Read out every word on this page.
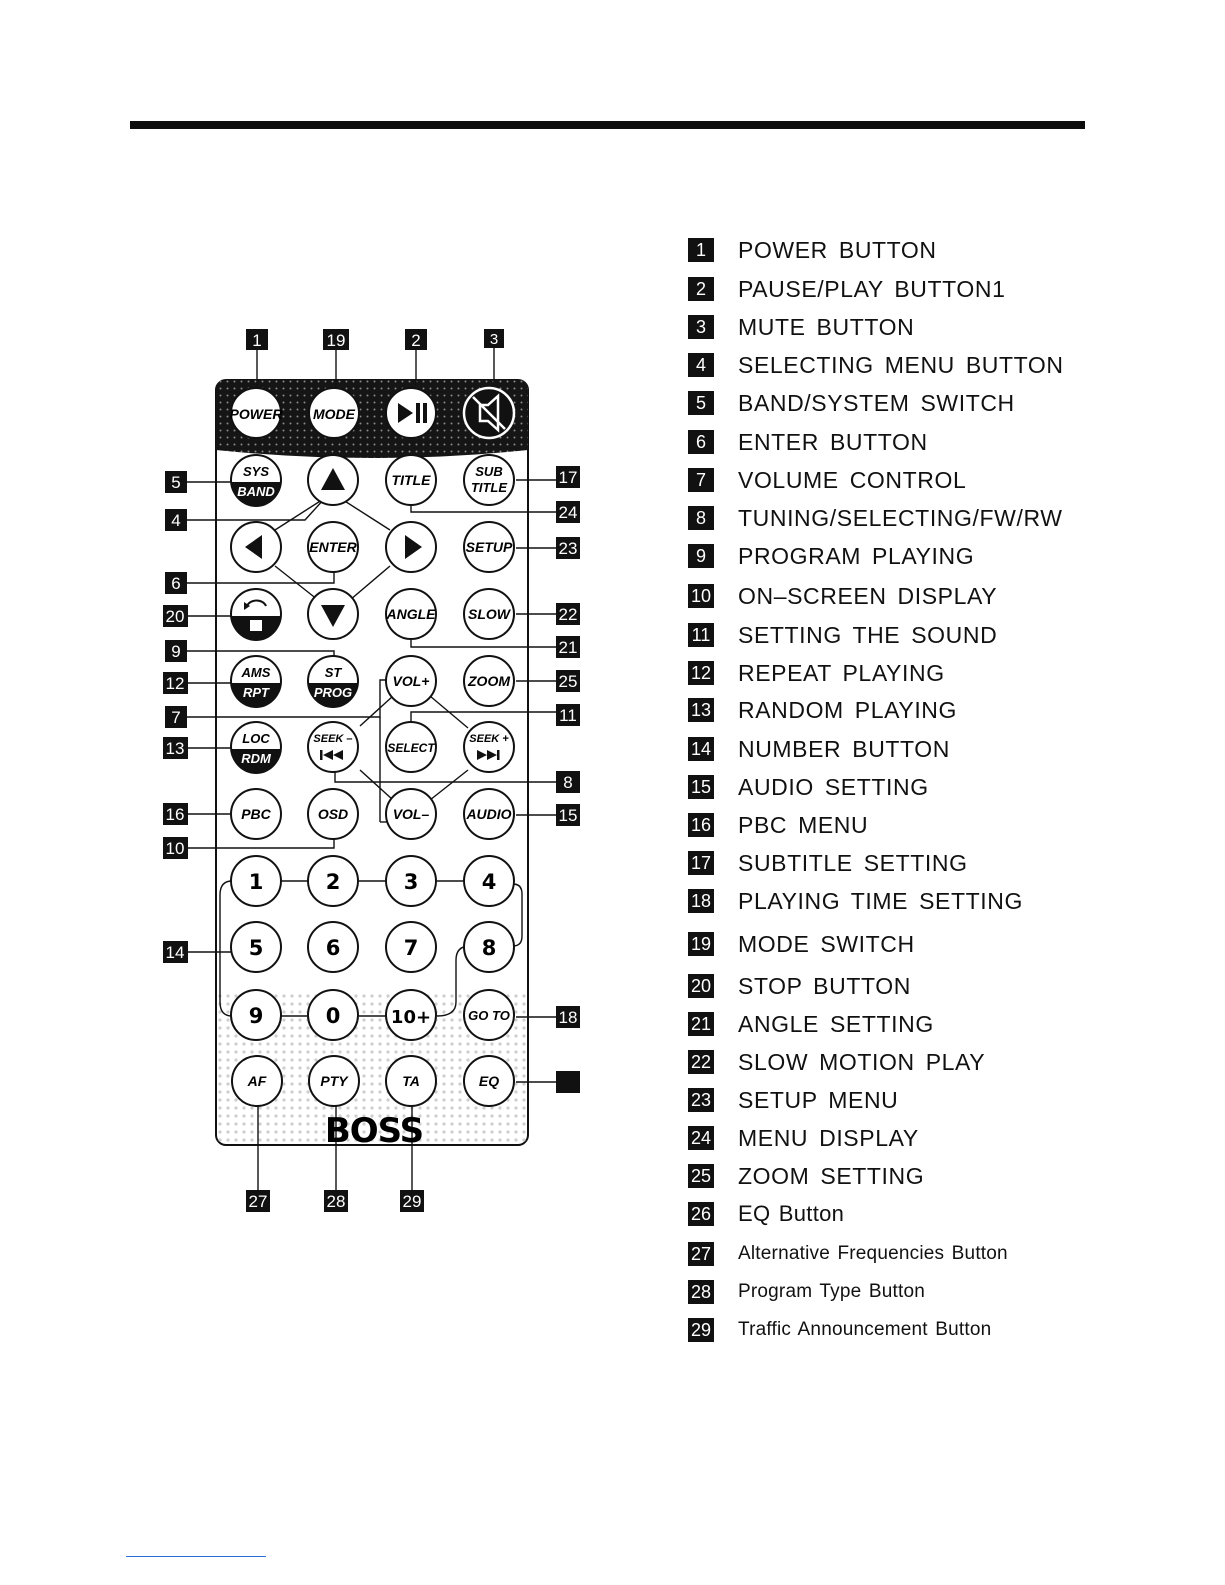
1	19	2	3
5
4
6
20
9
12
7
13
16
10
14
17
24
23
22
21
25
11
8
15
18
27	28	29
POWER MODE
SYS
BAND
TITLE
SUB
TITLE
ENTER	SETUP
ANGLE SLOW
AMS
RPT
ST
PROG
VOL+	ZOOM
LOC
RDM
SEEK –
SELECT
SEEK +
PBC	OSD	VOL–	AUDIO
1	2	3	4
5	6	7	8
9	0	10+	GO TO
AF	PTY	TA	EQ
BOSS
1	POWER BUTTON
2	PAUSE/PLAY BUTTON1
3	MUTE BUTTON
4	SELECTING MENU BUTTON
5	BAND/SYSTEM SWITCH
6	ENTER BUTTON
7	VOLUME CONTROL
8	TUNING/SELECTING/FW/RW
9	PROGRAM PLAYING
10 ON–SCREEN DISPLAY
11 SETTING THE SOUND
12 REPEAT PLAYING
13 RANDOM PLAYING
14 NUMBER BUTTON
15 AUDIO SETTING
16 PBC MENU
17 SUBTITLE SETTING
18 PLAYING TIME SETTING
19 MODE SWITCH
20 STOP BUTTON
21 ANGLE SETTING
22 SLOW MOTION PLAY
23 SETUP MENU
24 MENU DISPLAY
25 ZOOM SETTING
26 EQ Button
27 Alternative Frequencies Button
28 Program Type Button
29 Traffic Announcement Button
